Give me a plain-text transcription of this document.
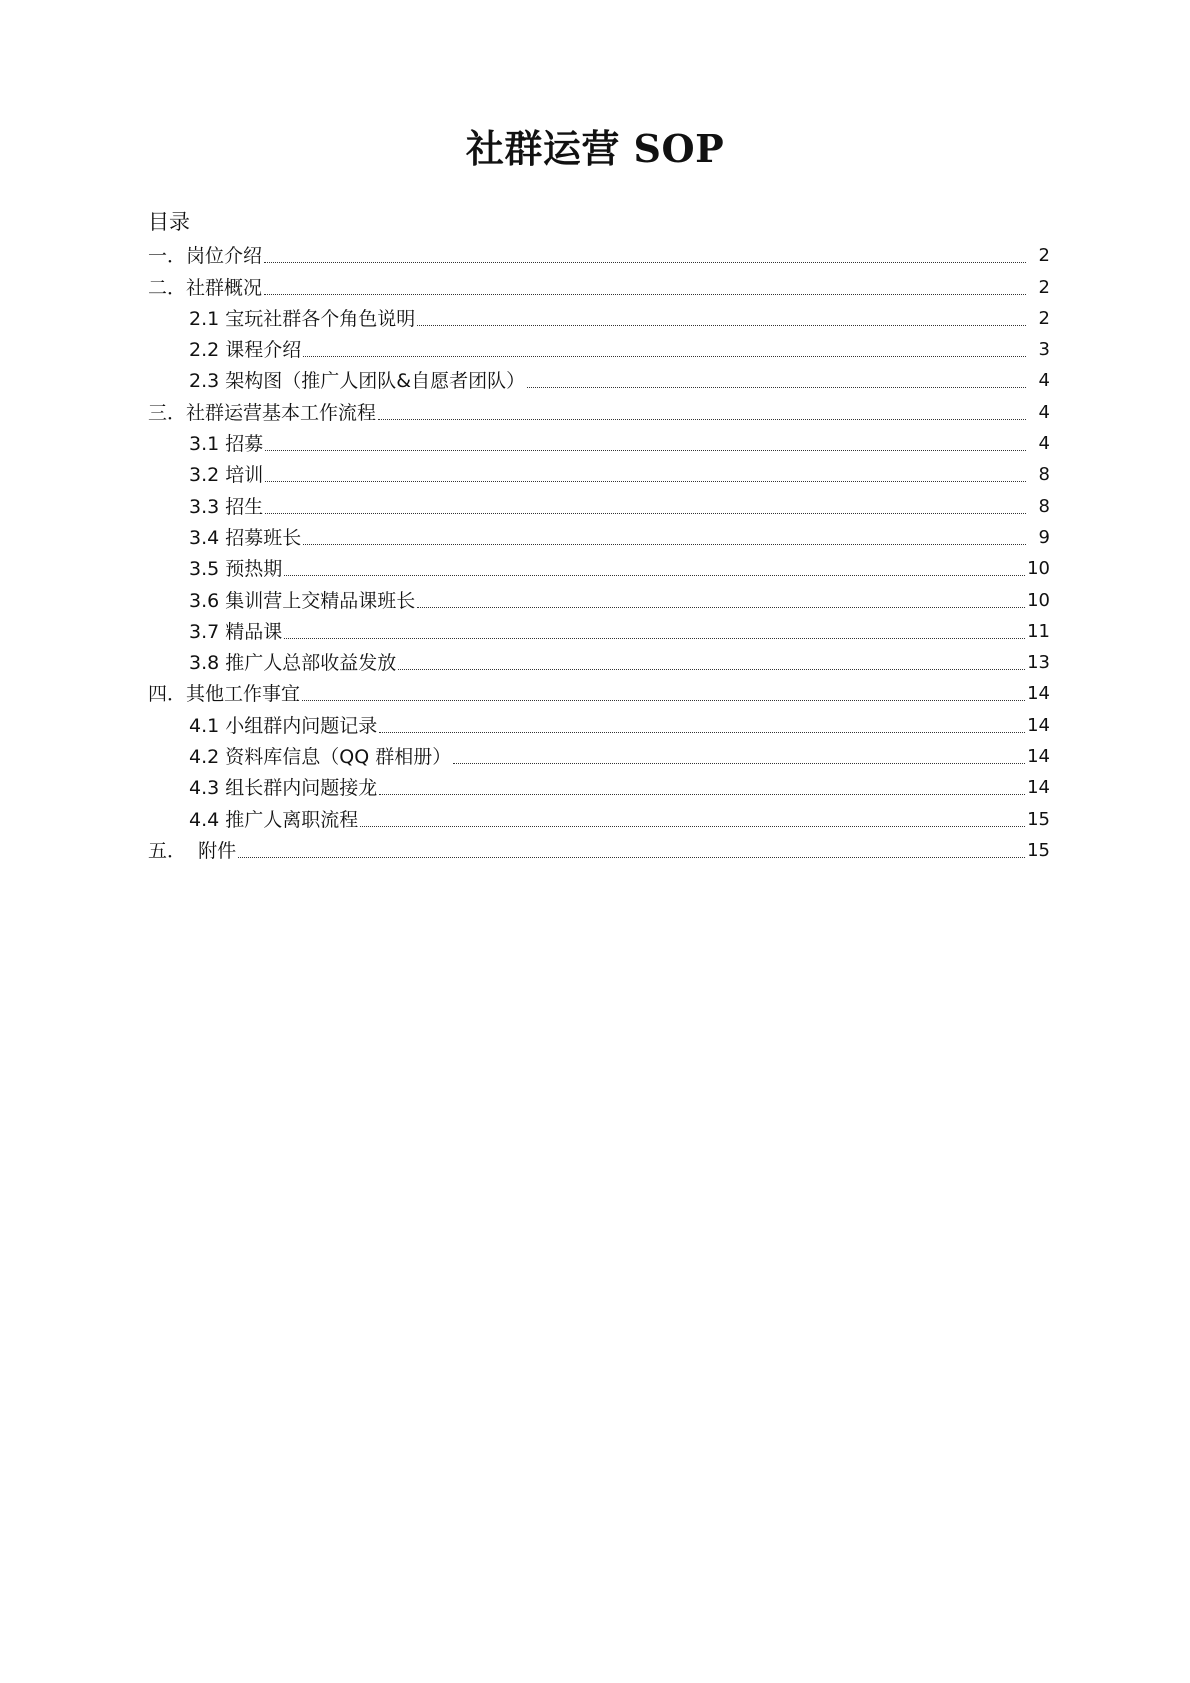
社群运营 SOP
目录
一． 岗位介绍	2
二． 社群概况	2
2.1 宝玩社群各个角色说明	2
2.2 课程介绍	3
2.3 架构图（推广人团队&自愿者团队）	4
三． 社群运营基本工作流程	4
3.1 招募	4
3.2 培训	8
3.3 招生	8
3.4 招募班长	9
3.5 预热期	10
3.6 集训营上交精品课班长	10
3.7 精品课	11
3.8 推广人总部收益发放	13
四． 其他工作事宜	14
4.1 小组群内问题记录	14
4.2 资料库信息（QQ 群相册）	14
4.3 组长群内问题接龙	14
4.4 推广人离职流程	15
五． 附件	15
